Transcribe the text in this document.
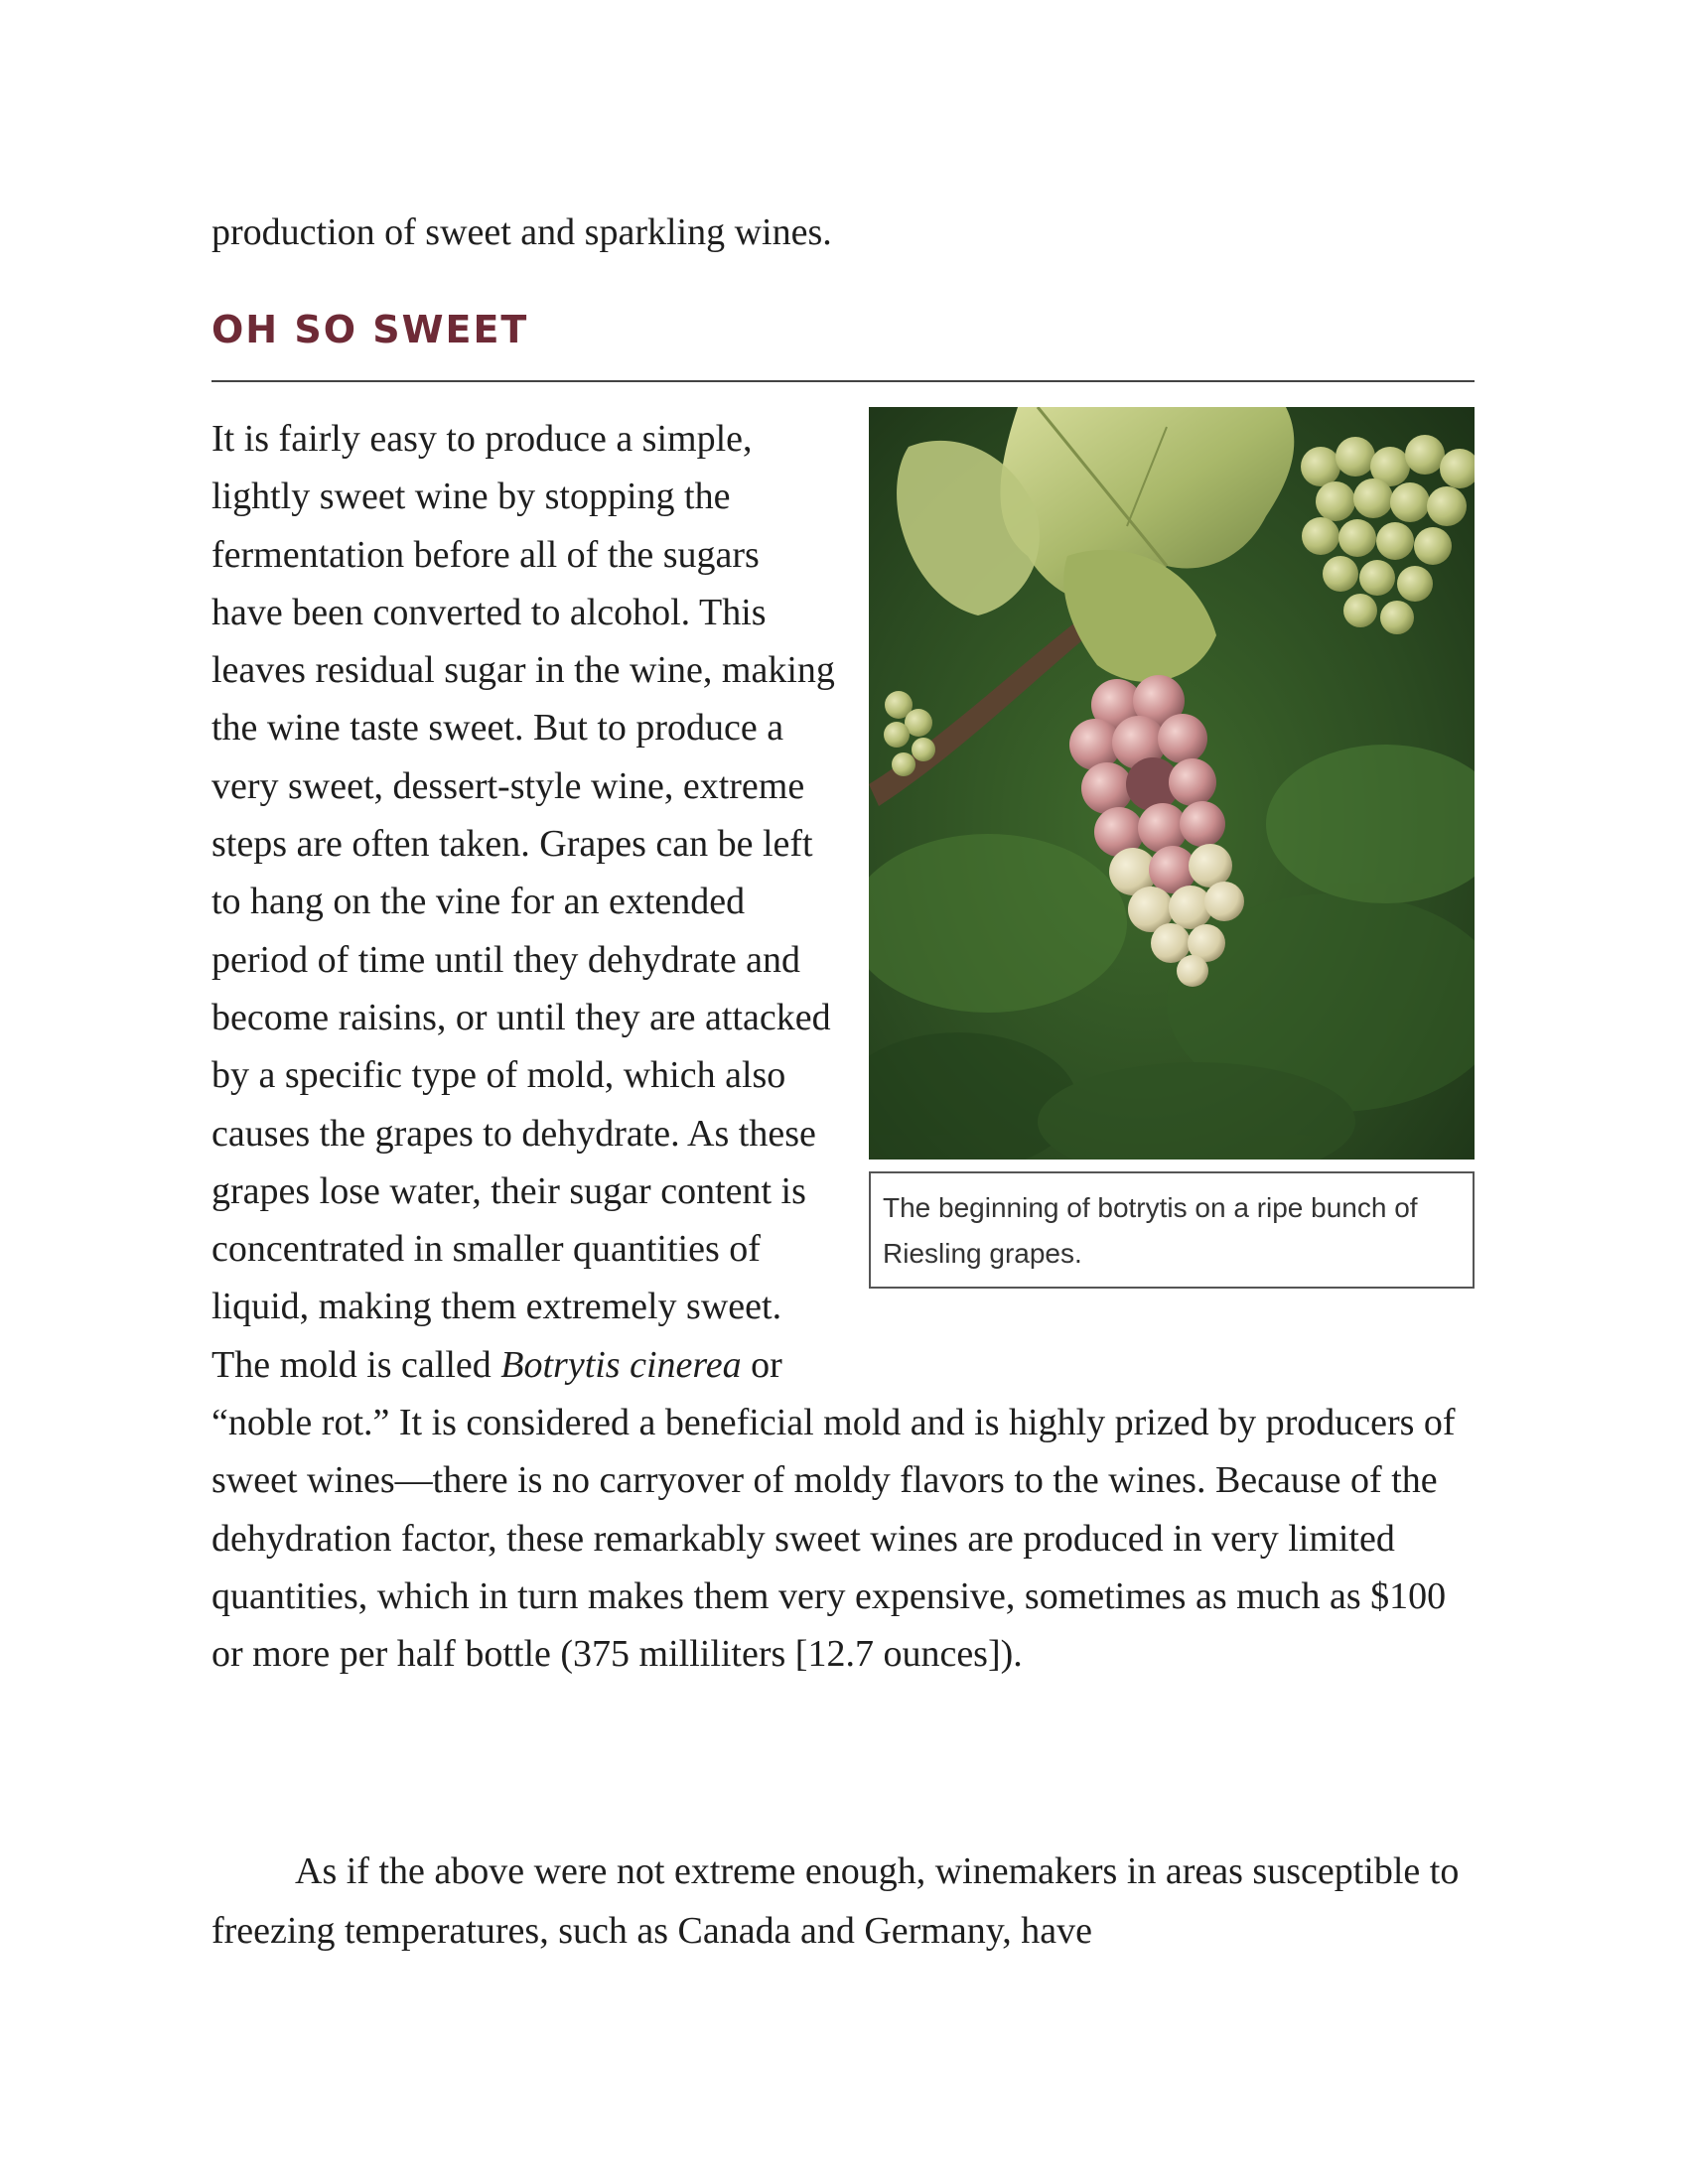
production of sweet and sparkling wines.

OH SO SWEET
The beginning of botrytis on a ripe bunch of Riesling grapes.

It is fairly easy to produce a simple, lightly sweet wine by stopping the fermentation before all of the sugars have been converted to alcohol. This leaves residual sugar in the wine, making the wine taste sweet. But to produce a very sweet, dessert-style wine, extreme steps are often taken. Grapes can be left to hang on the vine for an extended period of time until they dehydrate and become raisins, or until they are attacked by a specific type of mold, which also causes the grapes to dehydrate. As these grapes lose water, their sugar content is concentrated in smaller quantities of liquid, making them extremely sweet. The mold is called Botrytis cinerea or “noble rot.” It is considered a beneficial mold and is highly prized by producers of sweet wines—there is no carryover of moldy flavors to the wines. Because of the dehydration factor, these remarkably sweet wines are produced in very limited quantities, which in turn makes them very expensive, sometimes as much as $100 or more per half bottle (375 milliliters [12.7 ounces]).

As if the above were not extreme enough, winemakers in areas susceptible to freezing temperatures, such as Canada and Germany, have
